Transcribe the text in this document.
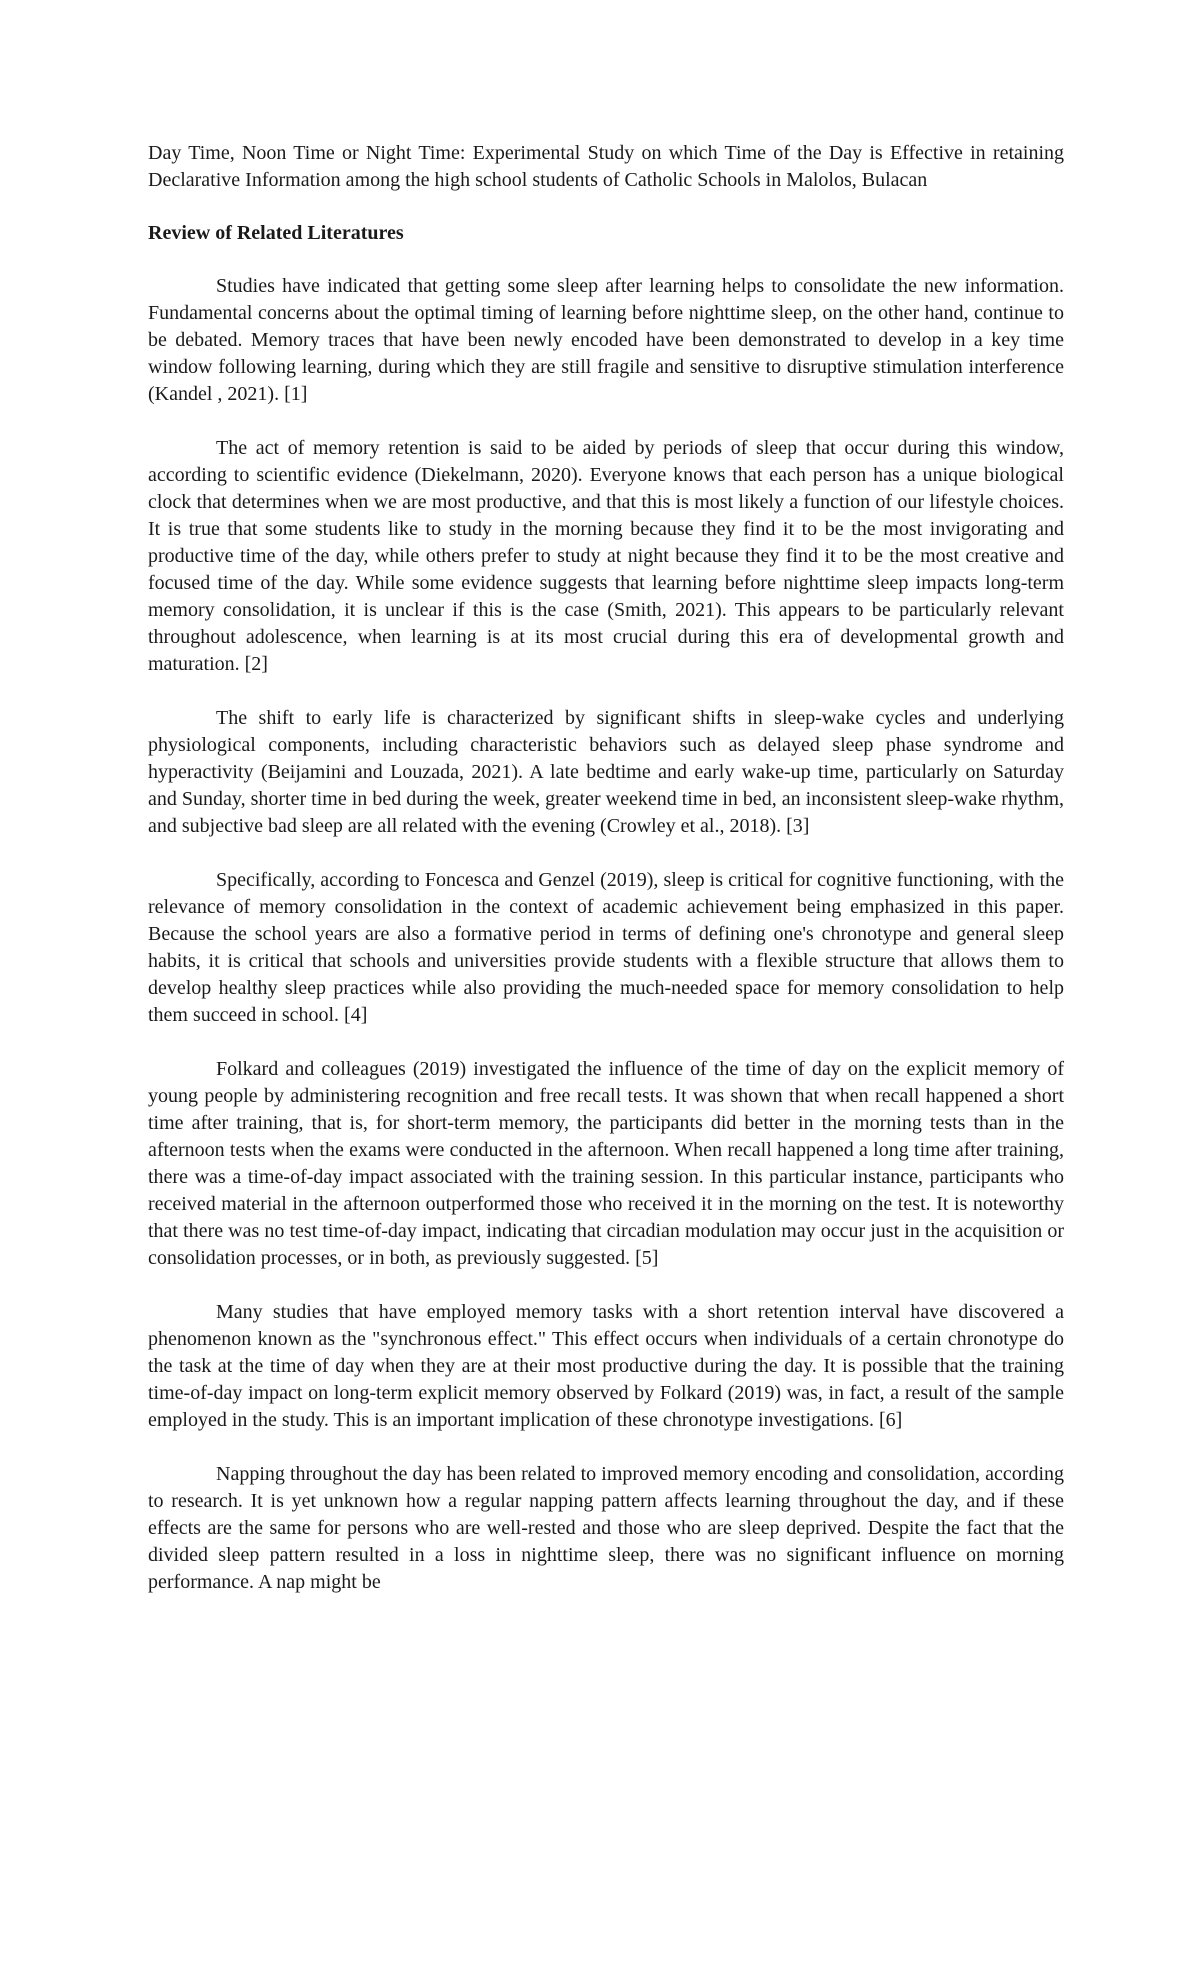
Day Time, Noon Time or Night Time: Experimental Study on which Time of the Day is Effective in retaining Declarative Information among the high school students of Catholic Schools in Malolos, Bulacan

Review of Related Literatures

Studies have indicated that getting some sleep after learning helps to consolidate the new information. Fundamental concerns about the optimal timing of learning before nighttime sleep, on the other hand, continue to be debated. Memory traces that have been newly encoded have been demonstrated to develop in a key time window following learning, during which they are still fragile and sensitive to disruptive stimulation interference (Kandel , 2021). [1]

The act of memory retention is said to be aided by periods of sleep that occur during this window, according to scientific evidence (Diekelmann, 2020). Everyone knows that each person has a unique biological clock that determines when we are most productive, and that this is most likely a function of our lifestyle choices. It is true that some students like to study in the morning because they find it to be the most invigorating and productive time of the day, while others prefer to study at night because they find it to be the most creative and focused time of the day. While some evidence suggests that learning before nighttime sleep impacts long-term memory consolidation, it is unclear if this is the case (Smith, 2021). This appears to be particularly relevant throughout adolescence, when learning is at its most crucial during this era of developmental growth and maturation. [2]

The shift to early life is characterized by significant shifts in sleep-wake cycles and underlying physiological components, including characteristic behaviors such as delayed sleep phase syndrome and hyperactivity (Beijamini and Louzada, 2021). A late bedtime and early wake-up time, particularly on Saturday and Sunday, shorter time in bed during the week, greater weekend time in bed, an inconsistent sleep-wake rhythm, and subjective bad sleep are all related with the evening (Crowley et al., 2018). [3]

Specifically, according to Foncesca and Genzel (2019), sleep is critical for cognitive functioning, with the relevance of memory consolidation in the context of academic achievement being emphasized in this paper. Because the school years are also a formative period in terms of defining one's chronotype and general sleep habits, it is critical that schools and universities provide students with a flexible structure that allows them to develop healthy sleep practices while also providing the much-needed space for memory consolidation to help them succeed in school. [4]

Folkard and colleagues (2019) investigated the influence of the time of day on the explicit memory of young people by administering recognition and free recall tests. It was shown that when recall happened a short time after training, that is, for short-term memory, the participants did better in the morning tests than in the afternoon tests when the exams were conducted in the afternoon. When recall happened a long time after training, there was a time-of-day impact associated with the training session. In this particular instance, participants who received material in the afternoon outperformed those who received it in the morning on the test. It is noteworthy that there was no test time-of-day impact, indicating that circadian modulation may occur just in the acquisition or consolidation processes, or in both, as previously suggested. [5]

Many studies that have employed memory tasks with a short retention interval have discovered a phenomenon known as the "synchronous effect." This effect occurs when individuals of a certain chronotype do the task at the time of day when they are at their most productive during the day. It is possible that the training time-of-day impact on long-term explicit memory observed by Folkard (2019) was, in fact, a result of the sample employed in the study. This is an important implication of these chronotype investigations. [6]

Napping throughout the day has been related to improved memory encoding and consolidation, according to research. It is yet unknown how a regular napping pattern affects learning throughout the day, and if these effects are the same for persons who are well-rested and those who are sleep deprived. Despite the fact that the divided sleep pattern resulted in a loss in nighttime sleep, there was no significant influence on morning performance. A nap might be
